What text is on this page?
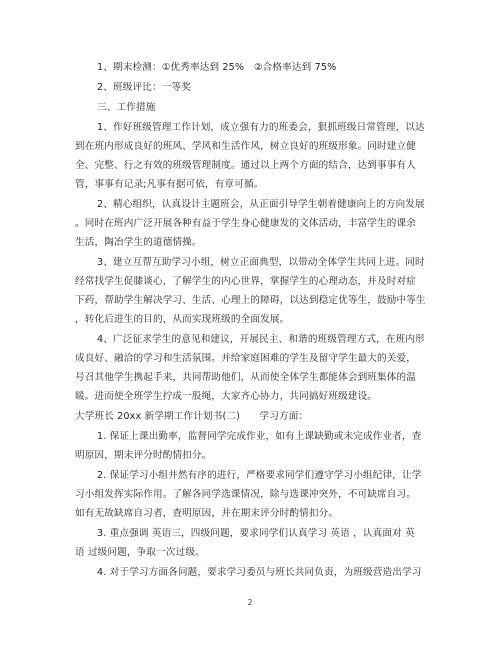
1、期末检测：①优秀率达到 25%　②合格率达到 75%
2、班级评比：一等奖
三、工作措施
1、作好班级管理工作计划，成立强有力的班委会，狠抓班级日常管理，以达
到在班内形成良好的班风、学风和生活作风，树立良好的班级形象。同时建立健
全、完整、行之有效的班级管理制度。通过以上两个方面的结合，达到事事有人
管，事事有记录;凡事有据可依，有章可循。
2、精心组织，认真设计主题班会，从正面引导学生朝着健康向上的方向发展
。同时在班内广泛开展各种有益于学生身心健康发的文体活动，丰富学生的课余
生活，陶冶学生的道德情操。
3、建立互帮互助学习小组，树立正面典型，以带动全体学生共同上进。同时
经常找学生促膝谈心，了解学生的内心世界，掌握学生的心理动态，并及时对症
下药，帮助学生解决学习、生活、心理上的障碍，以达到稳定优等生，鼓励中等生
，转化后进生的目的，从而实现班级的全面发展。
4、广泛征求学生的意见和建议，开展民主、和谐的班级管理方式，在班内形
成良好、融洽的学习和生活氛围。并给家庭困难的学生及留守学生最大的关爱，
号召其他学生携起手来，共同帮助他们，从而使全体学生都能体会到班集体的温
暖。进而使全班学生拧成一股绳，大家齐心协力，共同搞好班级建设。
大学班长 20xx 新学期工作计划书(二)　　学习方面：
1. 保证上课出勤率，监督同学完成作业，如有上课缺勤或未完成作业者，查
明原因，期末评分时酌情扣分。
2. 保证学习小组井然有序的进行，严格要求同学们遵守学习小组纪律，让学
习小组发挥实际作用。了解各同学选课情况，除与选课冲突外，不可缺席自习。
如有无故缺席自习者，查明原因，并在期末评分时酌情扣分。
3. 重点强调 英语三，四级问题，要求同学们认真学习 英语 ，认真面对 英
语 过级问题，争取一次过级。
4. 对于学习方面各问题，要求学习委员与班长共同负责，为班级营造出学习
2
